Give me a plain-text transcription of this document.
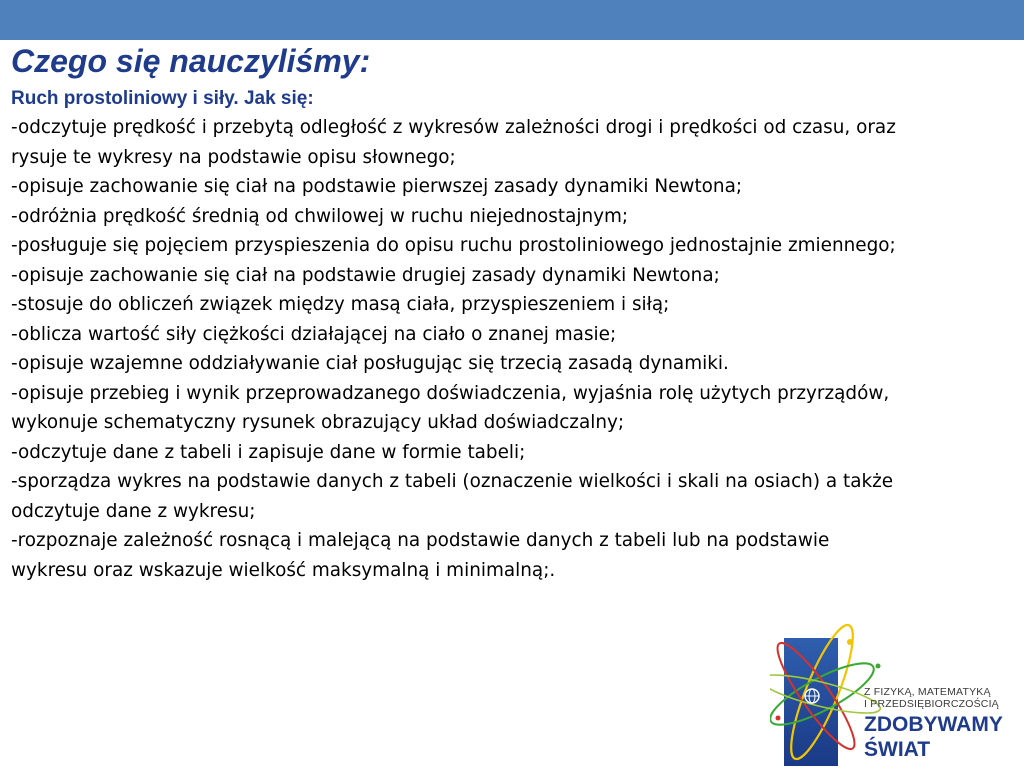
Czego się nauczyliśmy:

Ruch prostoliniowy i siły. Jak się:

-odczytuje prędkość i przebytą odległość z wykresów zależności drogi i prędkości od czasu, oraz
rysuje te wykresy na podstawie opisu słownego;
-opisuje zachowanie się ciał na podstawie pierwszej zasady dynamiki Newtona;
-odróżnia prędkość średnią od chwilowej w ruchu niejednostajnym;
-posługuje się pojęciem przyspieszenia do opisu ruchu prostoliniowego jednostajnie zmiennego;
-opisuje zachowanie się ciał na podstawie drugiej zasady dynamiki Newtona;
-stosuje do obliczeń związek między masą ciała, przyspieszeniem i siłą;
-oblicza wartość siły ciężkości działającej na ciało o znanej masie;
-opisuje wzajemne oddziaływanie ciał posługując się trzecią zasadą dynamiki.
-opisuje przebieg i wynik przeprowadzanego doświadczenia, wyjaśnia rolę użytych przyrządów,
wykonuje schematyczny rysunek obrazujący układ doświadczalny;
-odczytuje dane z tabeli i zapisuje dane w formie tabeli;
-sporządza wykres na podstawie danych z tabeli (oznaczenie wielkości i skali na osiach) a także
odczytuje dane z wykresu;
-rozpoznaje zależność rosnącą i malejącą na podstawie danych z tabeli lub na podstawie
wykresu oraz wskazuje wielkość maksymalną i minimalną;.
Z FIZYKĄ, MATEMATYKĄ
I PRZEDSIĘBIORCZOŚCIĄ
ZDOBYWAMY
ŚWIAT
